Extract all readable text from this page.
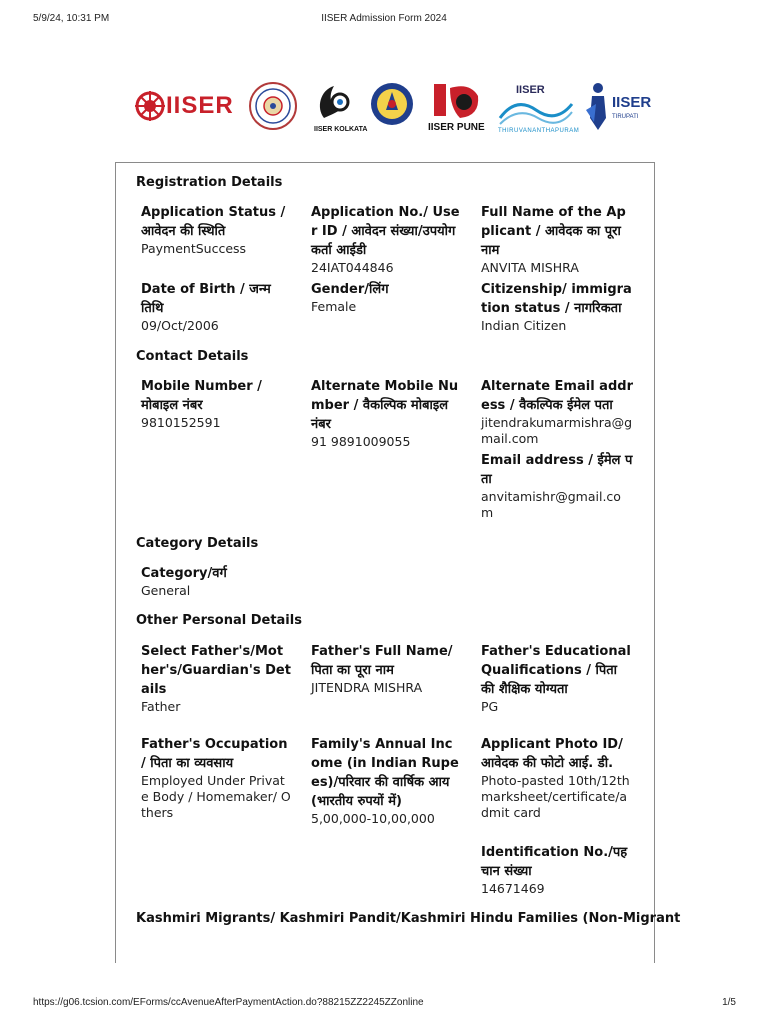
5/9/24, 10:31 PM	IISER Admission Form 2024
https://g06.tcsion.com/EForms/ccAvenueAfterPaymentAction.do?88215ZZ2245ZZonline	1/5
IISER
IISER KOLKATA	IISER PUNE
IISER
THIRUVANANTHAPURAM
IISER
TIRUPATI
Registration Details
Application Status / आवेदन की स्थिति
PaymentSuccess
Application No./ User ID / आवेदन संख्या/उपयोगकर्ता आईडी
24IAT044846
Full Name of the Applicant / आवेदक का पूरा नाम
ANVITA MISHRA
Date of Birth / जन्म तिथि
09/Oct/2006
Gender/लिंग
Female
Citizenship/ immigration status / नागरिकता
Indian Citizen
Contact Details
Mobile Number / मोबाइल नंबर
9810152591
Alternate Mobile Number / वैकल्पिक मोबाइल नंबर
91 9891009055
Alternate Email address / वैकल्पिक ईमेल पता
jitendrakumarmishra@gmail.com
Email address / ईमेल पता
anvitamishr@gmail.com
Category Details
Category/वर्ग
General
Other Personal Details
Select Father's/Mother's/Guardian's Details
Father
Father's Full Name/ पिता का पूरा नाम
JITENDRA MISHRA
Father's Educational Qualifications / पिता की शैक्षिक योग्यता
PG
Father's Occupation / पिता का व्यवसाय
Employed Under Private Body / Homemaker/ Others
Family's Annual Income (in Indian Rupees)/परिवार की वार्षिक आय (भारतीय रुपयों में)
5,00,000-10,00,000
Applicant Photo ID/ आवेदक की फोटो आई. डी.
Photo-pasted 10th/12th marksheet/certificate/admit card
Identification No./पहचान संख्या
14671469
Kashmiri Migrants/ Kashmiri Pandit/Kashmiri Hindu Families (Non-Migrant
